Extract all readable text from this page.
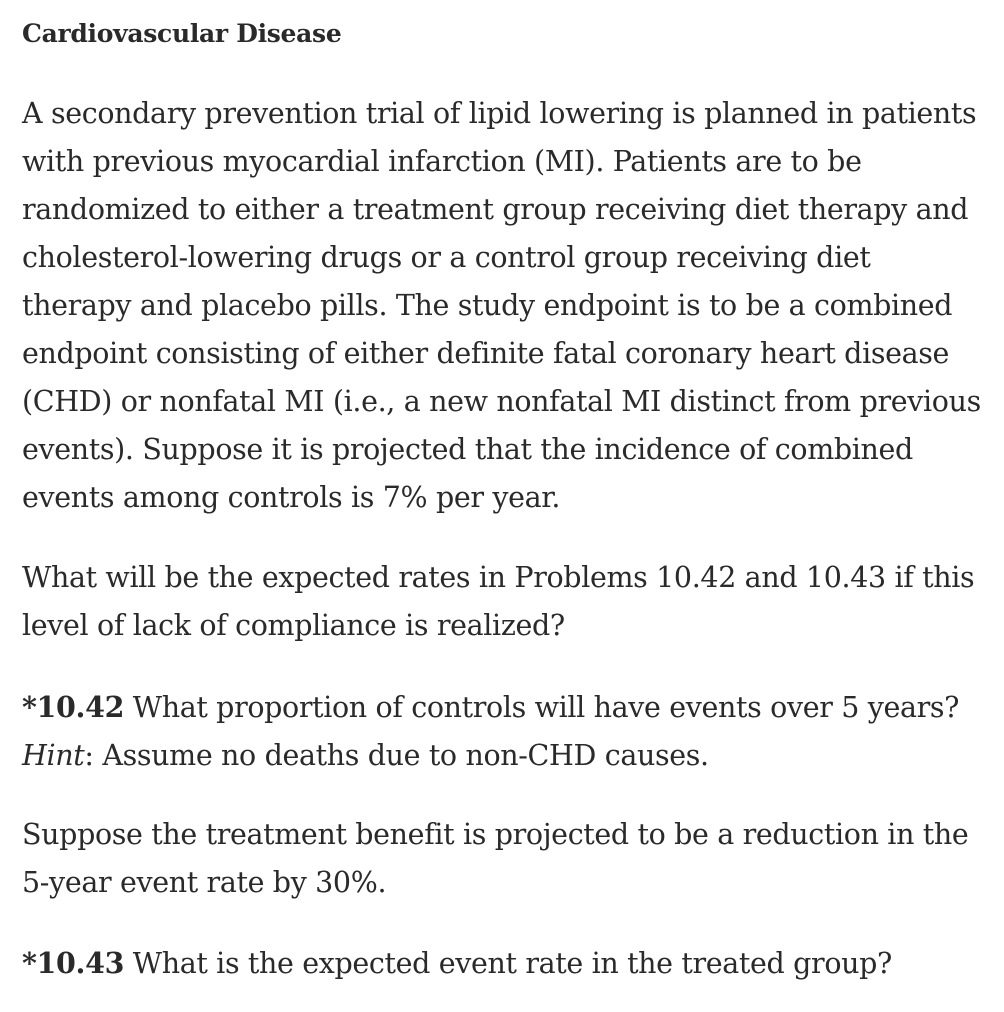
Cardiovascular Disease

A secondary prevention trial of lipid lowering is planned in patients with previous myocardial infarction (MI). Patients are to be randomized to either a treatment group receiving diet therapy and cholesterol-lowering drugs or a control group receiving diet therapy and placebo pills. The study endpoint is to be a combined endpoint consisting of either definite fatal coronary heart disease (CHD) or nonfatal MI (i.e., a new nonfatal MI distinct from previous events). Suppose it is projected that the incidence of combined events among controls is 7% per year.

What will be the expected rates in Problems 10.42 and 10.43 if this level of lack of compliance is realized?

*10.42 What proportion of controls will have events over 5 years?
Hint: Assume no deaths due to non-CHD causes.

Suppose the treatment benefit is projected to be a reduction in the 5-year event rate by 30%.

*10.43 What is the expected event rate in the treated group?
